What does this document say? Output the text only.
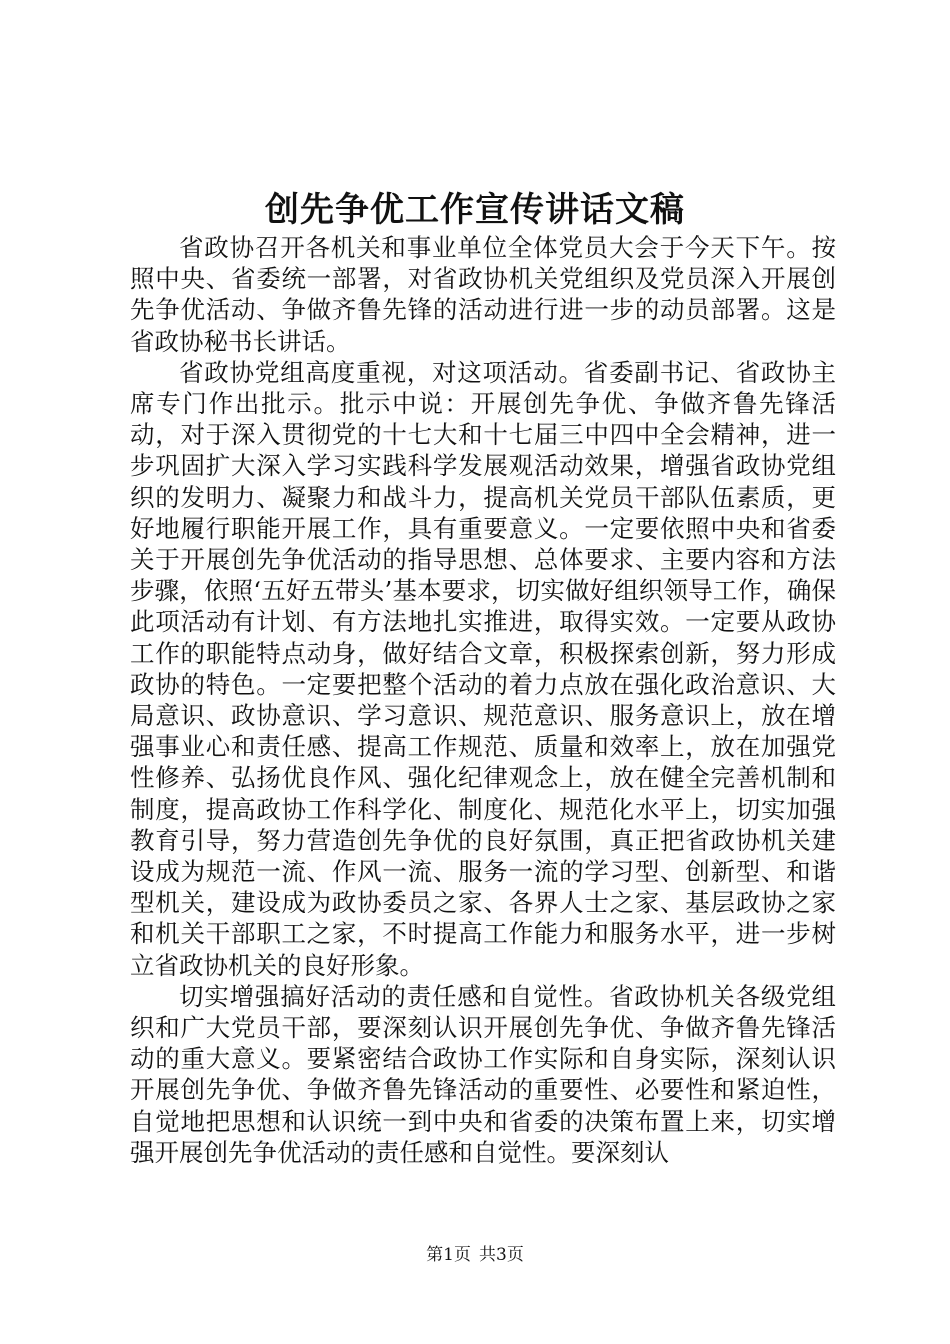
创先争优工作宣传讲话文稿

省政协召开各机关和事业单位全体党员大会于今天下午。按照中央、省委统一部署，对省政协机关党组织及党员深入开展创先争优活动、争做齐鲁先锋的活动进行进一步的动员部署。这是省政协秘书长讲话。

省政协党组高度重视，对这项活动。省委副书记、省政协主席专门作出批示。批示中说：开展创先争优、争做齐鲁先锋活动，对于深入贯彻党的十七大和十七届三中四中全会精神，进一步巩固扩大深入学习实践科学发展观活动效果，增强省政协党组织的发明力、凝聚力和战斗力，提高机关党员干部队伍素质，更好地履行职能开展工作，具有重要意义。一定要依照中央和省委关于开展创先争优活动的指导思想、总体要求、主要内容和方法步骤，依照‘五好五带头’基本要求，切实做好组织领导工作，确保此项活动有计划、有方法地扎实推进，取得实效。一定要从政协工作的职能特点动身，做好结合文章，积极探索创新，努力形成政协的特色。一定要把整个活动的着力点放在强化政治意识、大局意识、政协意识、学习意识、规范意识、服务意识上，放在增强事业心和责任感、提高工作规范、质量和效率上，放在加强党性修养、弘扬优良作风、强化纪律观念上，放在健全完善机制和制度，提高政协工作科学化、制度化、规范化水平上，切实加强教育引导，努力营造创先争优的良好氛围，真正把省政协机关建设成为规范一流、作风一流、服务一流的学习型、创新型、和谐型机关，建设成为政协委员之家、各界人士之家、基层政协之家和机关干部职工之家，不时提高工作能力和服务水平，进一步树立省政协机关的良好形象。

切实增强搞好活动的责任感和自觉性。省政协机关各级党组织和广大党员干部，要深刻认识开展创先争优、争做齐鲁先锋活动的重大意义。要紧密结合政协工作实际和自身实际，深刻认识开展创先争优、争做齐鲁先锋活动的重要性、必要性和紧迫性，自觉地把思想和认识统一到中央和省委的决策布置上来，切实增强开展创先争优活动的责任感和自觉性。要深刻认

第1页 共3页
